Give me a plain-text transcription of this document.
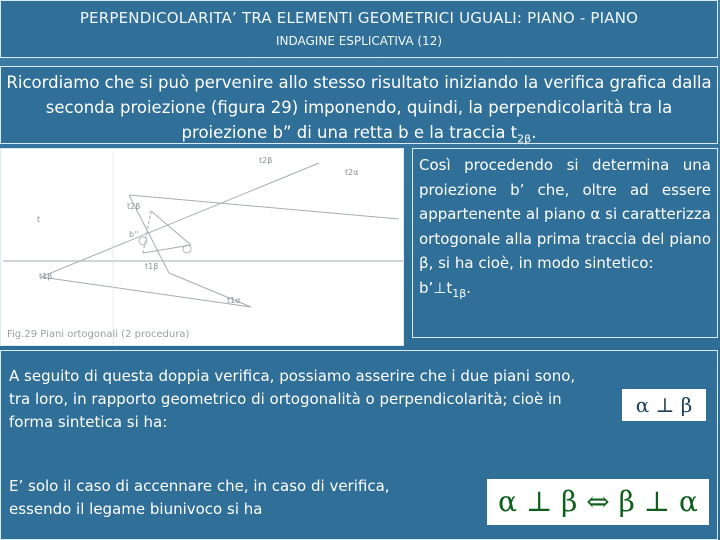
PERPENDICOLARITA’ TRA ELEMENTI GEOMETRICI UGUALI: PIANO - PIANO
INDAGINE ESPLICATIVA (12)
Ricordiamo che si può pervenire allo stesso risultato iniziando la verifica grafica dalla seconda proiezione (figura 29) imponendo, quindi, la perpendicolarità tra la proiezione b” di una retta b e la traccia $t_{2\beta}$.
t2β
t2α
t2β
b''
t
t1β
t1β
t1α
Fig.29 Piani ortogonali (2 procedura)
Così procedendo si determina una proiezione b’ che, oltre ad essere appartenente al piano α si caratterizza ortogonale alla prima traccia del piano β, si ha cioè, in modo sintetico:
$b’\perp t_{1\beta}$.
A seguito di questa doppia verifica, possiamo asserire che i due piani sono, tra loro, in rapporto geometrico di ortogonalità o perpendicolarità; cioè in forma sintetica si ha:
α ⊥ β
E’ solo il caso di accennare che, in caso di verifica, essendo il legame biunivoco si ha	α ⊥ β ⇔ β ⊥ α
